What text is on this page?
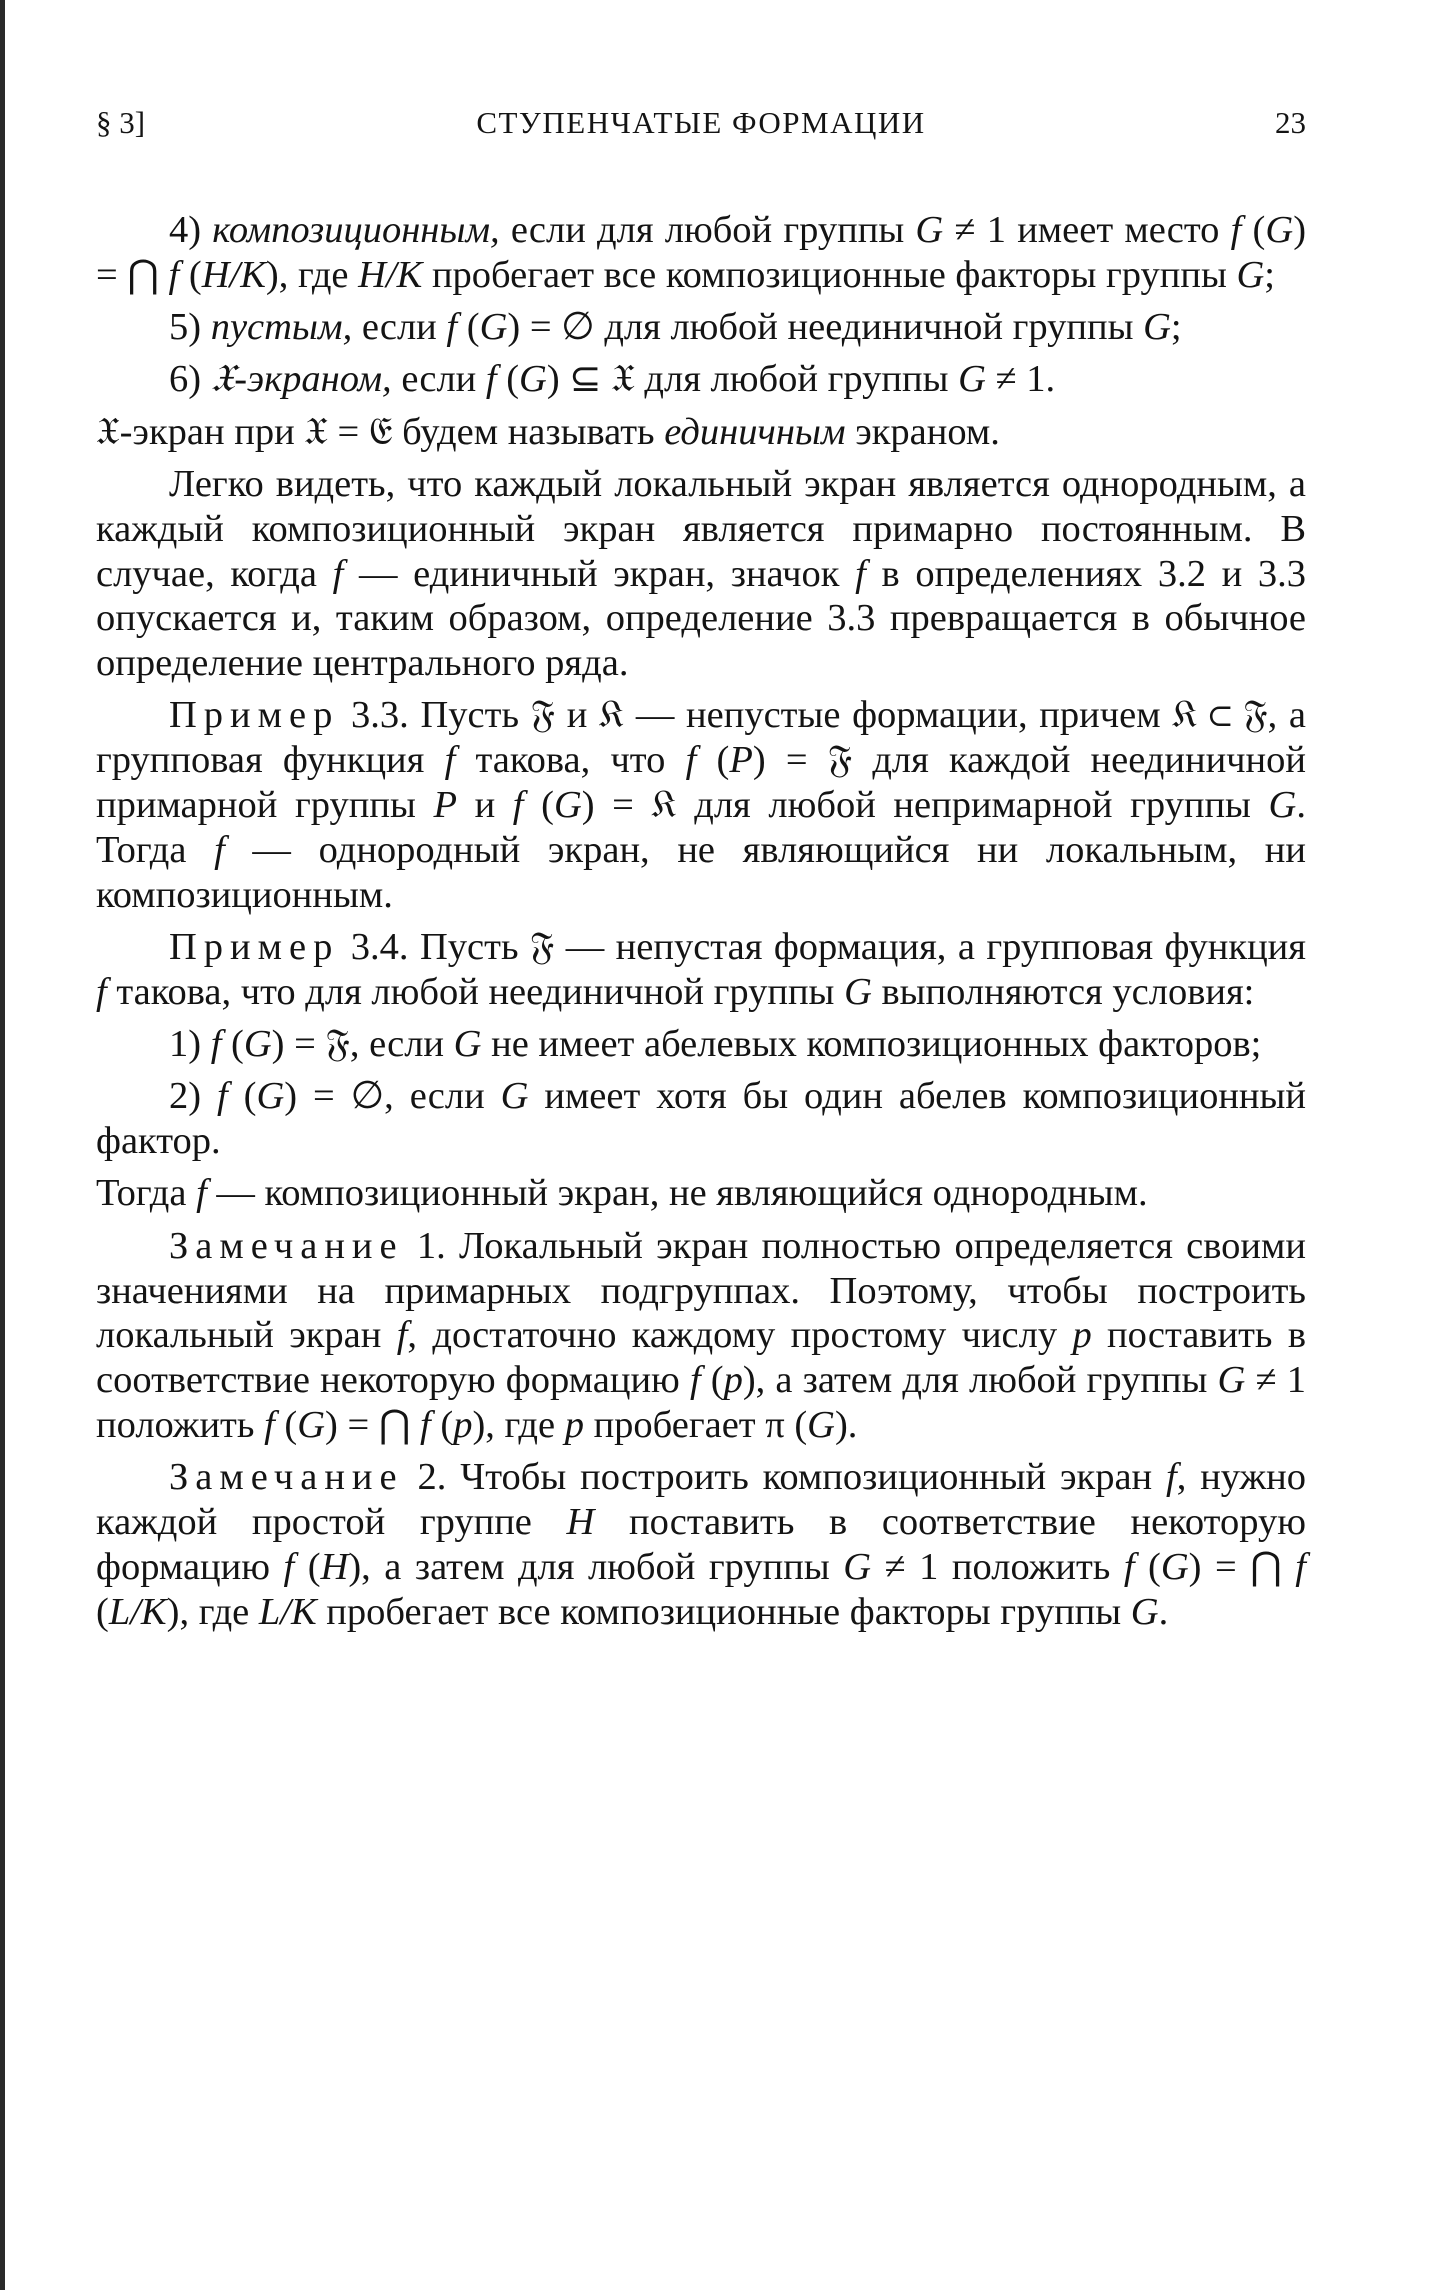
§ 3]	СТУПЕНЧАТЫЕ ФОРМАЦИИ	23

4) композиционным, если для любой группы G ≠ 1 имеет место f (G) = ⋂ f (H/K), где H/K пробегает все композиционные факторы группы G;

5) пустым, если f (G) = ∅ для любой неединичной группы G;

6) 𝔛-экраном, если f (G) ⊆ 𝔛 для любой группы G ≠ 1.

𝔛-экран при 𝔛 = 𝔈 будем называть единичным экраном.

Легко видеть, что каждый локальный экран является однородным, а каждый композиционный экран является примарно постоянным. В случае, когда f — единичный экран, значок f в определениях 3.2 и 3.3 опускается и, таким образом, определение 3.3 превращается в обычное определение центрального ряда.

Пример 3.3. Пусть 𝔉 и 𝔎 — непустые формации, причем 𝔎 ⊂ 𝔉, а групповая функция f такова, что f (P) = 𝔉 для каждой неединичной примарной группы P и f (G) = 𝔎 для любой непримарной группы G. Тогда f — однородный экран, не являющийся ни локальным, ни композиционным.

Пример 3.4. Пусть 𝔉 — непустая формация, а групповая функция f такова, что для любой неединичной группы G выполняются условия:

1) f (G) = 𝔉, если G не имеет абелевых композиционных факторов;

2) f (G) = ∅, если G имеет хотя бы один абелев композиционный фактор.

Тогда f — композиционный экран, не являющийся однородным.

Замечание 1. Локальный экран полностью определяется своими значениями на примарных подгруппах. Поэтому, чтобы построить локальный экран f, достаточно каждому простому числу p поставить в соответствие некоторую формацию f (p), а затем для любой группы G ≠ 1 положить f (G) = ⋂ f (p), где p пробегает π (G).

Замечание 2. Чтобы построить композиционный экран f, нужно каждой простой группе H поставить в соответствие некоторую формацию f (H), а затем для любой группы G ≠ 1 положить f (G) = ⋂ f (L/K), где L/K пробегает все композиционные факторы группы G.
